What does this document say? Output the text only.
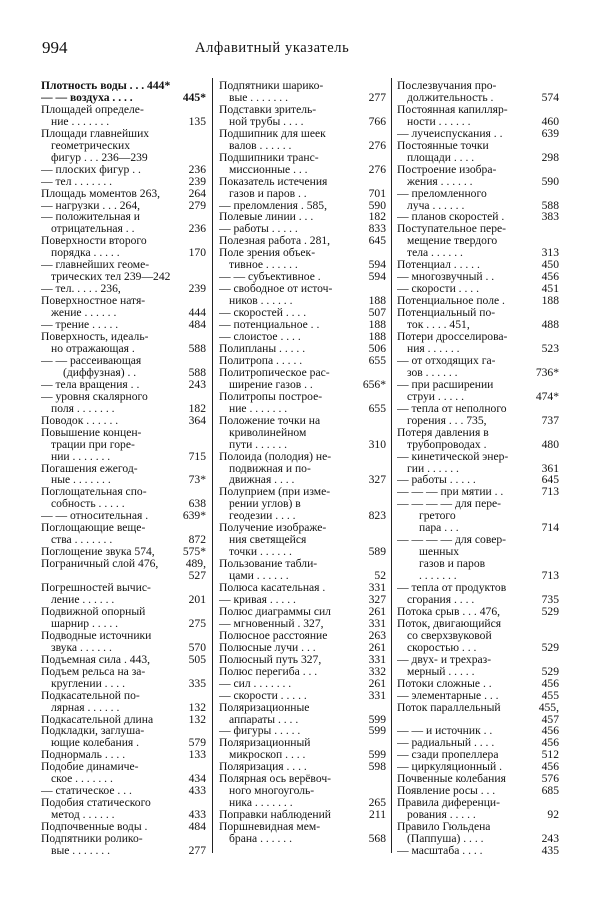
994	Алфавитный указатель
Плотность воды . . . 444*
— — воздуха . . . .	445*
Площадей определе-
ние . . . . . . .	135
Площади главнейших
геометрических
фигур . . . 236—239
— плоских фигур . .	236
— тел . . . . . . .	239
Площадь моментов 263, 264
— нагрузки . . . 264,	279
— положительная и
отрицательная . .	236
Поверхности второго
порядка . . . . .	170
— главнейших геоме-
трических тел 239—242
— тел. . . . . 236,	239
Поверхностное натя-
жение . . . . . .	444
— трение . . . . .	484
Поверхность, идеаль-
но отражающая .	588
— — рассеивающая
(диффузная) . .	588
— тела вращения . .	243
— уровня скалярного
поля . . . . . . .	182
Поводок . . . . . .	364
Повышение концен-
трации при горе-
нии . . . . . . .	715
Погашения ежегод-
ные . . . . . . .	73*
Поглощательная спо-
собность . . . . .	638
— — относительная .	639*
Поглощающие веще-
ства . . . . . . .	872
Поглощение звука 574, 575*
Пограничный слой 476, 489,
527
Погрешностей вычис-
ление . . . . . .	201
Подвижной опорный
шарнир . . . . .	275
Подводные источники
звука . . . . . .	570
Подъемная сила . 443,	505
Подъем рельса на за-
круглении . . . .	335
Подкасательной по-
лярная . . . . . .	132
Подкасательной длина	132
Подкладки, заглуша-
ющие колебания .	579
Поднормаль . . . .	133
Подобие динамиче-
ское . . . . . . .	434
— статическое . . .	433
Подобия статического
метод . . . . . .	433
Подпочвенные воды .	484
Подпятники ролико-
вые . . . . . . .	277
Подпятники шарико-
вые . . . . . . .	277
Подставки зритель-
ной трубы . . . .	766
Подшипник для шеек
валов . . . . . .	276
Подшипники транс-
миссионные . . .	276
Показатель истечения
газов и паров . .	701
— преломления . 585,	590
Полевые линии . . .	182
— работы . . . . .	833
Полезная работа . 281,	645
Поле зрения объек-
тивное . . . . . .	594
— — субъективное .	594
— свободное от источ-
ников . . . . . .	188
— скоростей . . . .	507
— потенциальное . .	188
— слоистое . . . .	188
Полипланы . . . . .	506
Политропа . . . . .	655
Политропическое рас-
ширение газов . .	656*
Политропы построе-
ние . . . . . . .	655
Положение точки на
криволинейном
пути . . . . . .	310
Полоида (полодия) не-
подвижная и по-
движная . . . .	327
Полуприем (при изме-
рении углов) в
геодезии . . . .	823
Получение изображе-
ния светящейся
точки . . . . . .	589
Пользование табли-
цами . . . . . .	52
Полюса касательная .	331
— кривая . . . . .	327
Полюс диаграммы сил	261
— мгновенный . 327,	331
Полюсное расстояние	263
Полюсные лучи . . .	261
Полюсный путь 327,	331
Полюс перегиба . . .	332
— сил . . . . . . .	261
— скорости . . . . .	331
Поляризационные
аппараты . . . .	599
— фигуры . . . . .	599
Поляризационный
микроскоп . . . .	599
Поляризация . . . .	598
Полярная ось верёвоч-
ного многоуголь-
ника . . . . . . .	265
Поправки наблюдений	211
Поршневидная мем-
брана . . . . . .	568
Послезвучания про-
должительность .	574
Постоянная капилляр-
ности . . . . . .	460
— лучеиспускания . .	639
Постоянные точки
площади . . . .	298
Построение изобра-
жения . . . . . .	590
— преломленного
луча . . . . . .	588
— планов скоростей .	383
Поступательное пере-
мещение твердого
тела . . . . . .	313
Потенциал . . . . .	450
— многозвучный . .	456
— скорости . . . .	451
Потенциальное поле .	188
Потенциальный по-
ток . . . . 451,	488
Потери дросселирова-
ния . . . . . .	523
— от отходящих га-
зов . . . . . .	736*
— при расширении
струи . . . . .	474*
— тепла от неполного
горения . . . 735,	737
Потеря давления в
трубопроводах .	480
— кинетической энер-
гии . . . . . .	361
— работы . . . . .	645
— — — при мятии . .	713
— — — — для пере-
гретого
пара . . .	714
— — — — для совер-
шенных
газов и паров
. . . . . . .	713
— тепла от продуктов
сгорания . . . .	735
Потока срыв . . . 476,	529
Поток, двигающийся
со сверхзвуковой
скоростью . . .	529
— двух- и трехраз-
мерный . . . . .	529
Потоки сложные . .	456
— элементарные . . .	455
Поток параллельный	455,
457
— — и источник . .	456
— радиальный . . . .	456
— сзади пропеллера	512
— циркуляционный .	456
Почвенные колебания	576
Появление росы . . .	685
Правила диференци-
рования . . . . .	92
Правило Гюльдена
(Паппуша) . . . .	243
— масштаба . . . .	435
